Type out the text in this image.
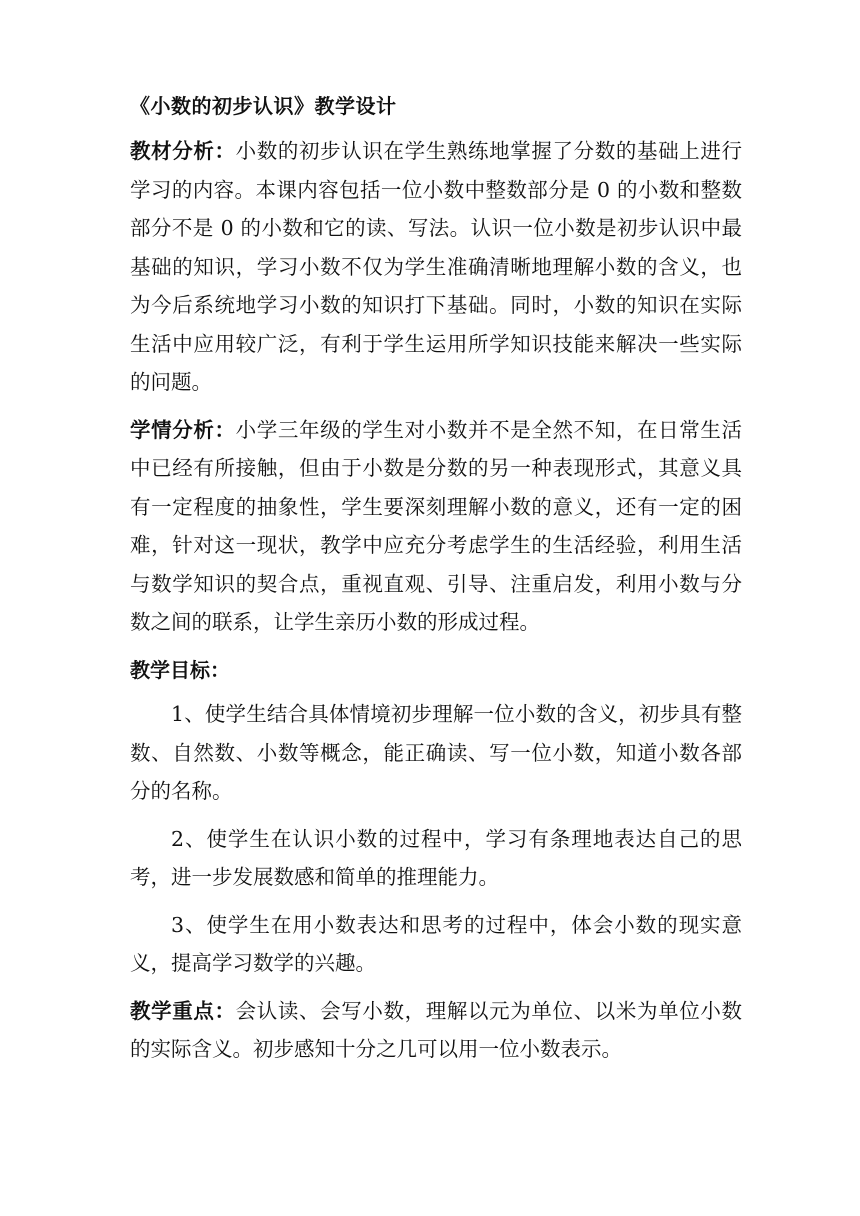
《小数的初步认识》教学设计

教材分析：小数的初步认识在学生熟练地掌握了分数的基础上进行学习的内容。本课内容包括一位小数中整数部分是 0 的小数和整数部分不是 0 的小数和它的读、写法。认识一位小数是初步认识中最基础的知识，学习小数不仅为学生准确清晰地理解小数的含义，也为今后系统地学习小数的知识打下基础。同时，小数的知识在实际生活中应用较广泛，有利于学生运用所学知识技能来解决一些实际的问题。

学情分析：小学三年级的学生对小数并不是全然不知，在日常生活中已经有所接触，但由于小数是分数的另一种表现形式，其意义具有一定程度的抽象性，学生要深刻理解小数的意义，还有一定的困难，针对这一现状，教学中应充分考虑学生的生活经验，利用生活与数学知识的契合点，重视直观、引导、注重启发，利用小数与分数之间的联系，让学生亲历小数的形成过程。

教学目标：

1、使学生结合具体情境初步理解一位小数的含义，初步具有整数、自然数、小数等概念，能正确读、写一位小数，知道小数各部分的名称。

2、使学生在认识小数的过程中，学习有条理地表达自己的思考，进一步发展数感和简单的推理能力。

3、使学生在用小数表达和思考的过程中，体会小数的现实意义，提高学习数学的兴趣。

教学重点：会认读、会写小数，理解以元为单位、以米为单位小数的实际含义。初步感知十分之几可以用一位小数表示。
